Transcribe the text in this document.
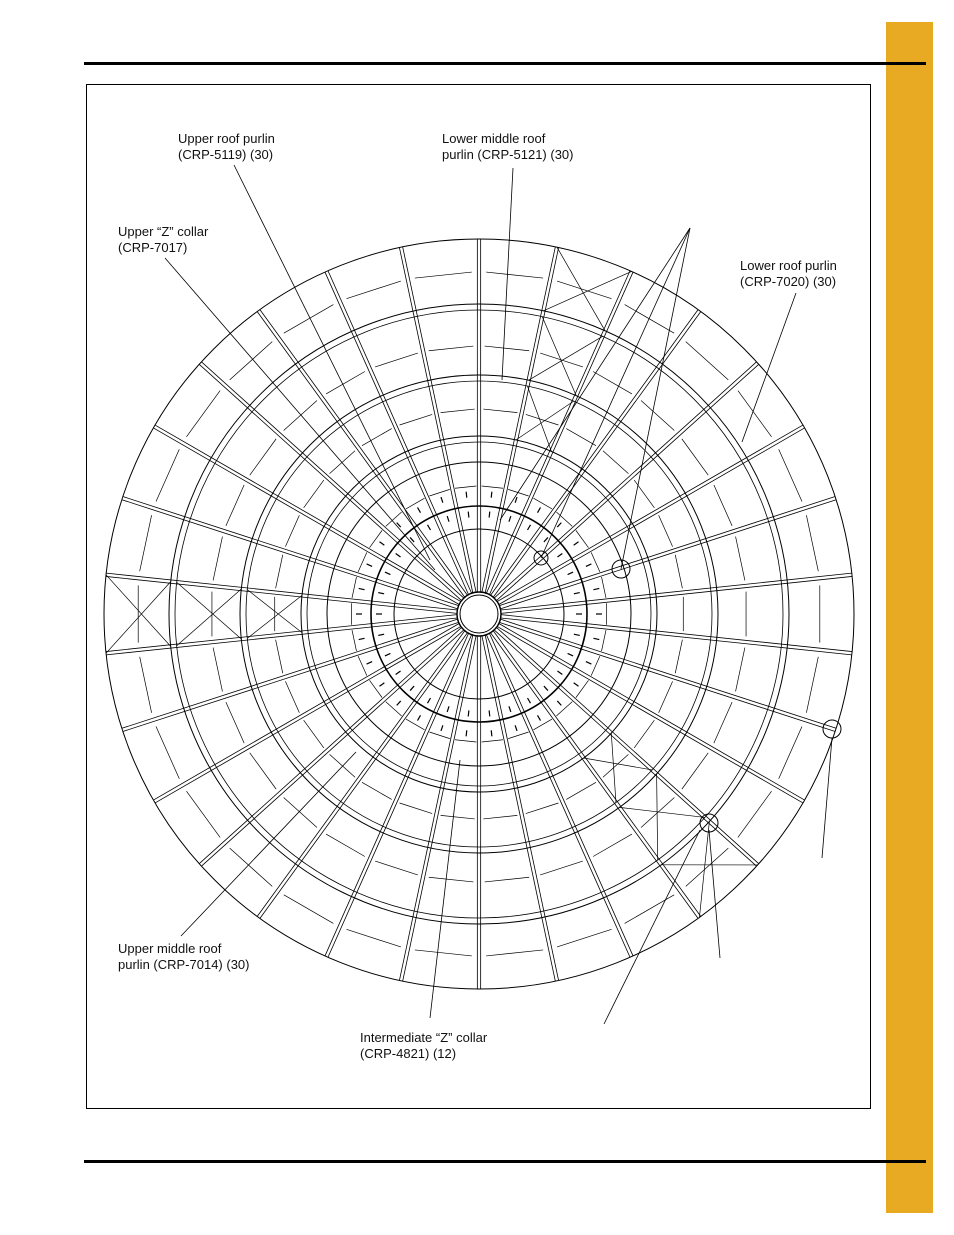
Upper roof purlin
(CRP-5119) (30)
Lower middle roof
purlin (CRP-5121) (30)
Upper “Z” collar
(CRP-7017)
Lower roof purlin
(CRP-7020) (30)
Upper middle roof
purlin (CRP-7014) (30)
Intermediate “Z” collar
(CRP-4821) (12)
